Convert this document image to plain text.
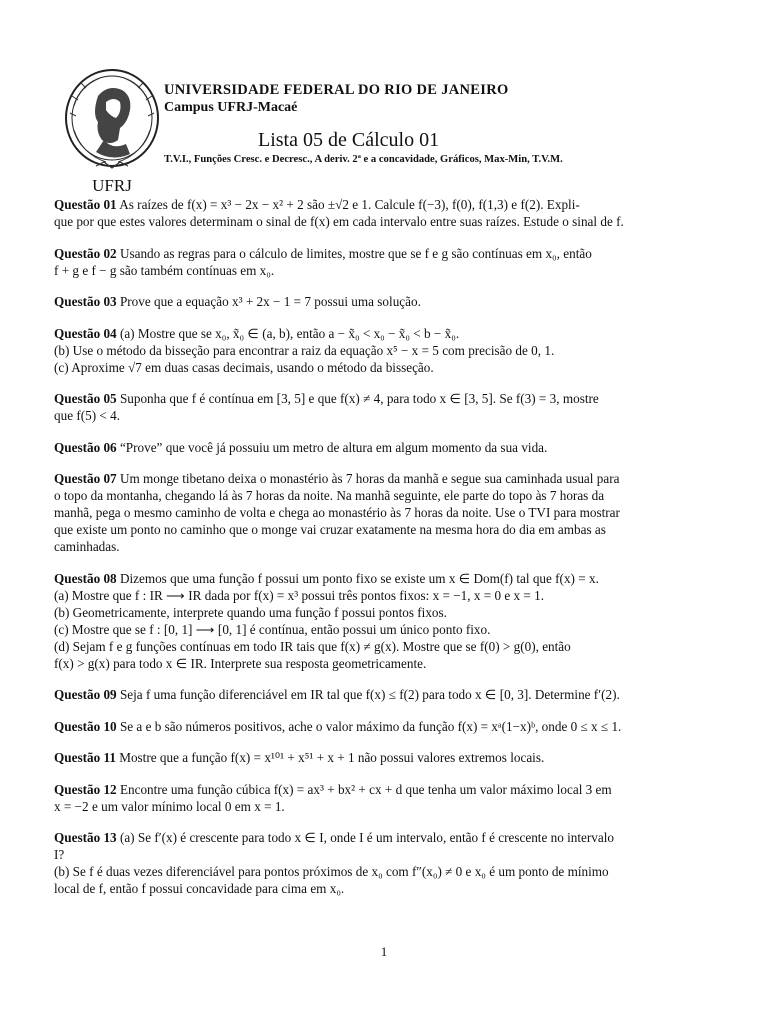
UFRJ
UNIVERSIDADE FEDERAL DO RIO DE JANEIRO
Campus UFRJ-Macaé
Lista 05 de Cálculo 01
T.V.I., Funções Cresc. e Decresc., A deriv. 2ª e a concavidade, Gráficos, Max-Min, T.V.M.
Questão 01 As raízes de f(x) = x³ − 2x − x² + 2 são ±√2 e 1. Calcule f(−3), f(0), f(1,3) e f(2). Expli-
que por que estes valores determinam o sinal de f(x) em cada intervalo entre suas raízes. Estude o sinal de f.
Questão 02 Usando as regras para o cálculo de limites, mostre que se f e g são contínuas em x₀, então
f + g e f − g são também contínuas em x₀.
Questão 03 Prove que a equação x³ + 2x − 1 = 7 possui uma solução.
Questão 04 (a) Mostre que se x₀, x̃₀ ∈ (a, b), então a − x̃₀ < x₀ − x̃₀ < b − x̃₀.
(b) Use o método da bisseção para encontrar a raiz da equação x⁵ − x = 5 com precisão de 0, 1.
(c) Aproxime √7 em duas casas decimais, usando o método da bisseção.
Questão 05 Suponha que f é contínua em [3, 5] e que f(x) ≠ 4, para todo x ∈ [3, 5]. Se f(3) = 3, mostre
que f(5) < 4.
Questão 06 “Prove” que você já possuiu um metro de altura em algum momento da sua vida.
Questão 07 Um monge tibetano deixa o monastério às 7 horas da manhã e segue sua caminhada usual para
o topo da montanha, chegando lá às 7 horas da noite. Na manhã seguinte, ele parte do topo às 7 horas da
manhã, pega o mesmo caminho de volta e chega ao monastério às 7 horas da noite. Use o TVI para mostrar
que existe um ponto no caminho que o monge vai cruzar exatamente na mesma hora do dia em ambas as
caminhadas.
Questão 08 Dizemos que uma função f possui um ponto fixo se existe um x ∈ Dom(f) tal que f(x) = x.
(a) Mostre que f : IR ⟶ IR dada por f(x) = x³ possui três pontos fixos: x = −1, x = 0 e x = 1.
(b) Geometricamente, interprete quando uma função f possui pontos fixos.
(c) Mostre que se f : [0, 1] ⟶ [0, 1] é contínua, então possui um único ponto fixo.
(d) Sejam f e g funções contínuas em todo IR tais que f(x) ≠ g(x). Mostre que se f(0) > g(0), então
f(x) > g(x) para todo x ∈ IR. Interprete sua resposta geometricamente.
Questão 09 Seja f uma função diferenciável em IR tal que f(x) ≤ f(2) para todo x ∈ [0, 3]. Determine f′(2).
Questão 10 Se a e b são números positivos, ache o valor máximo da função f(x) = xᵃ(1−x)ᵇ, onde 0 ≤ x ≤ 1.
Questão 11 Mostre que a função f(x) = x¹⁰¹ + x⁵¹ + x + 1 não possui valores extremos locais.
Questão 12 Encontre uma função cúbica f(x) = ax³ + bx² + cx + d que tenha um valor máximo local 3 em
x = −2 e um valor mínimo local 0 em x = 1.
Questão 13 (a) Se f′(x) é crescente para todo x ∈ I, onde I é um intervalo, então f é crescente no intervalo
I?
(b) Se f é duas vezes diferenciável para pontos próximos de x₀ com f″(x₀) ≠ 0 e x₀ é um ponto de mínimo
local de f, então f possui concavidade para cima em x₀.
1
